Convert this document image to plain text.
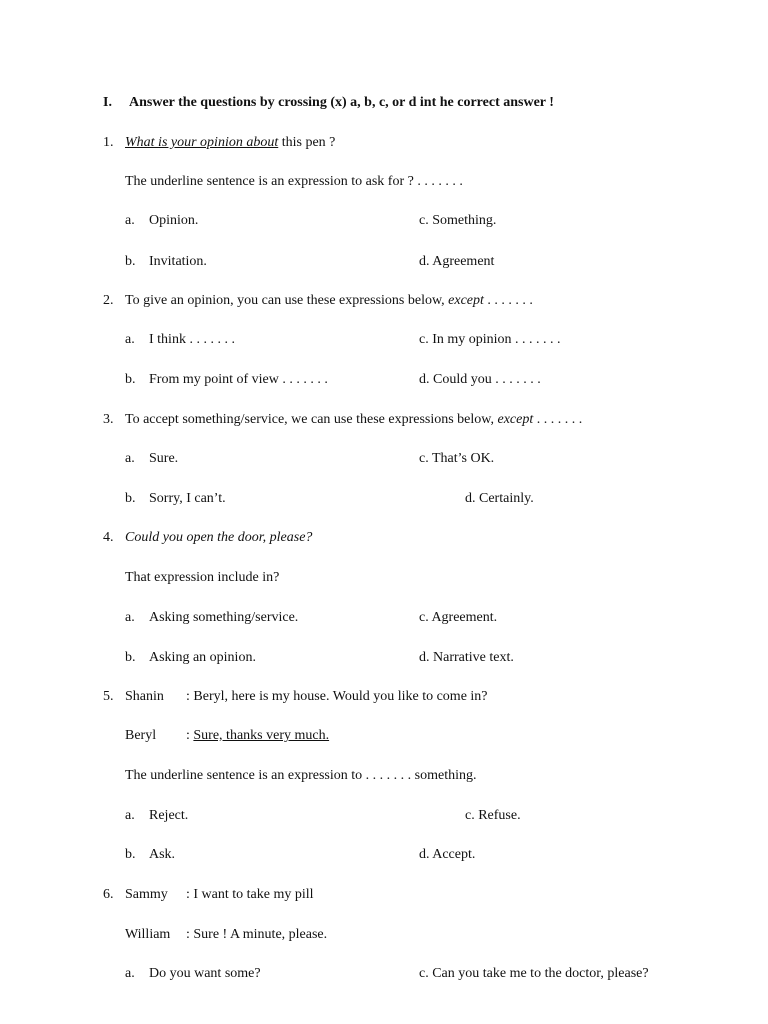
I. Answer the questions by crossing (x) a, b, c, or d int he correct answer !
1. What is your opinion about this pen ?
The underline sentence is an expression to ask for ? . . . . . . .
a. Opinion.	c. Something.
b. Invitation.	d. Agreement
2. To give an opinion, you can use these expressions below, except . . . . . . .
a. I think . . . . . . .	c. In my opinion . . . . . . .
b. From my point of view . . . . . . .	d. Could you . . . . . . .
3. To accept something/service, we can use these expressions below, except . . . . . . .
a. Sure.	c. That’s OK.
b. Sorry, I can’t.	d. Certainly.
4. Could you open the door, please?
That expression include in?
a. Asking something/service.	c. Agreement.
b. Asking an opinion.	d. Narrative text.
5. Shanin : Beryl, here is my house. Would you like to come in?
Beryl : Sure, thanks very much.
The underline sentence is an expression to . . . . . . . something.
a. Reject.	c. Refuse.
b. Ask.	d. Accept.
6. Sammy : I want to take my pill
William : Sure ! A minute, please.
a. Do you want some?	c. Can you take me to the doctor, please?
